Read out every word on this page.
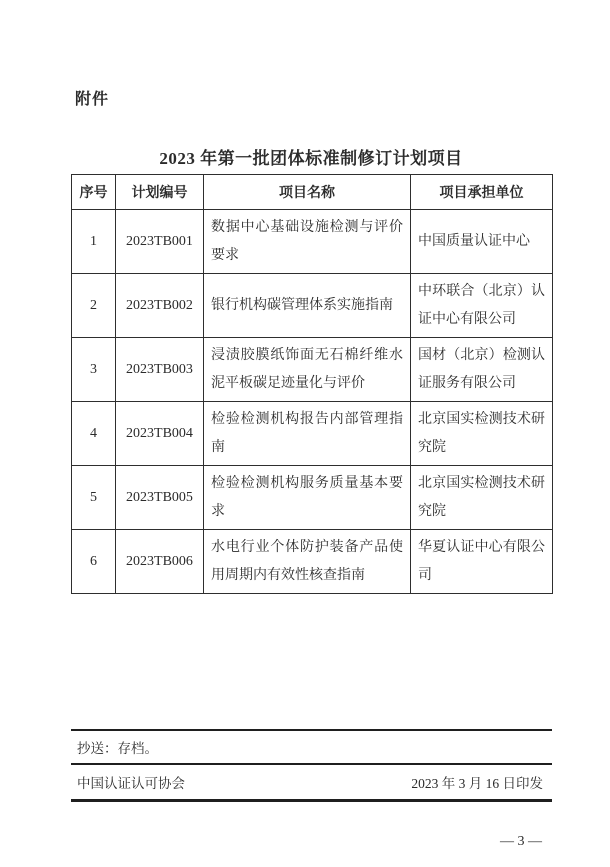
附件
2023 年第一批团体标准制修订计划项目
序号	计划编号	项目名称	项目承担单位
1	2023TB001	数据中心基础设施检测与评价要求	中国质量认证中心
2	2023TB002	银行机构碳管理体系实施指南	中环联合（北京）认证中心有限公司
3	2023TB003	浸渍胶膜纸饰面无石棉纤维水泥平板碳足迹量化与评价	国材（北京）检测认证服务有限公司
4	2023TB004	检验检测机构报告内部管理指南	北京国实检测技术研究院
5	2023TB005	检验检测机构服务质量基本要求	北京国实检测技术研究院
6	2023TB006	水电行业个体防护装备产品使用周期内有效性核查指南	华夏认证中心有限公司
抄送：存档。
中国认证认可协会	2023 年 3 月 16 日印发
— 3 —
